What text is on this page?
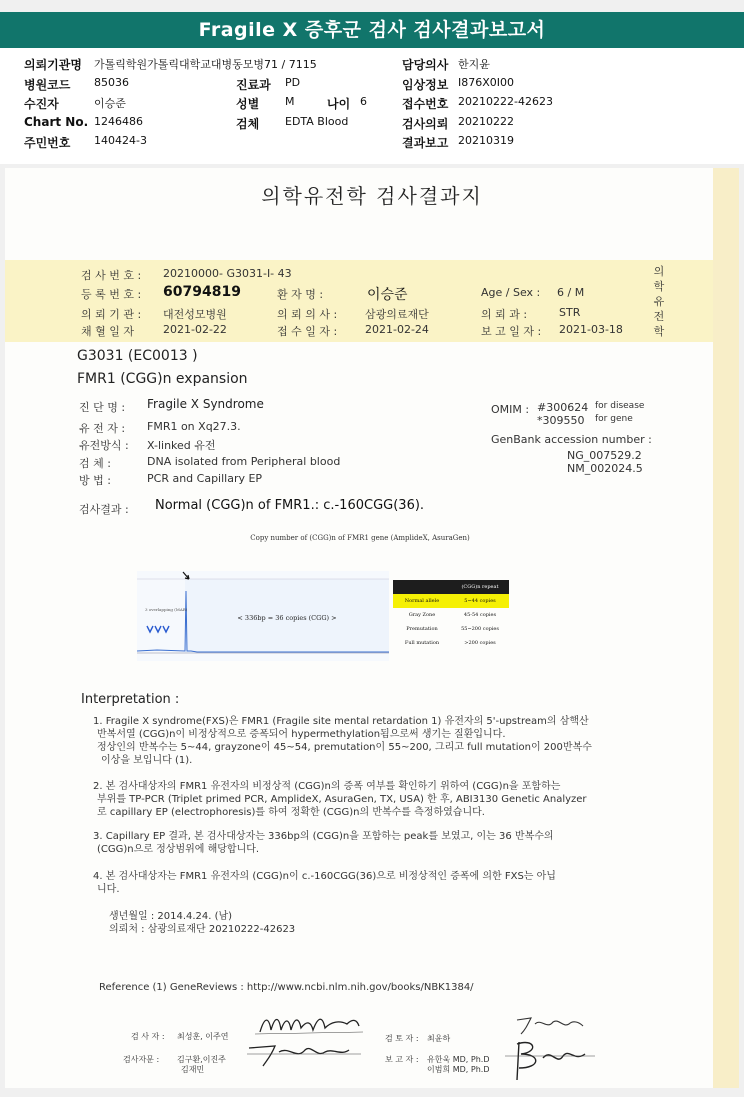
Fragile X 증후군 검사 검사결과보고서
의뢰기관명 가톨릭학원가톨릭대학교대병동모병71 / 7115	담당의사 한지윤
병원코드 85036	진료과 PD	임상정보 I876X0I00
수진자	이승준	성별 M	나이 6	접수번호 20210222-42623
Chart No. 1246486	검체 EDTA Blood	검사의뢰 20210222
주민번호 140424-3	결과보고 20210319
의학유전학 검사결과지
의
학
유
전
학
검 사 번 호 : 20210000- G3031-I- 43
등 록 번 호 : 60794819	환 자 명 :	이승준	Age / Sex : 6 / M
의 뢰 기 관 : 대전성모병원	의 뢰 의 사 :	삼광의료재단	의 뢰 과 :	STR
채 혈 일 자	2021-02-22	접 수 일 자 :	2021-02-24	보 고 일 자 : 2021-03-18
G3031 (EC0013 )
FMR1 (CGG)n expansion
진 단 명 : Fragile X Syndrome
유 전 자 : FMR1 on Xq27.3.
유전방식 : X-linked 유전
검 체 :	DNA isolated from Peripheral blood
방 법 :	PCR and Capillary EP
OMIM : #300624 for disease
*309550 for gene
GenBank accession number :
NG_007529.2
NM_002024.5
검사결과 : Normal (CGG)n of FMR1.: c.-160CGG(36).
Copy number of (CGG)n of FMR1 gene (AmplideX, AsuraGen)
3 overlapping (MAR)
< 336bp = 36 copies (CGG) >
(CGG)n repeat
Normal allele	5~44 copies
Gray Zone	45-54 copies
Premutation	55~200 copies
Full mutation	>200 copies
Interpretation :
1. Fragile X syndrome(FXS)은 FMR1 (Fragile site mental retardation 1) 유전자의 5'-upstream의 삼핵산
반복서열 (CGG)n이 비정상적으로 증폭되어 hypermethylation됨으로써 생기는 질환입니다.
정상인의 반복수는 5~44, grayzone이 45~54, premutation이 55~200, 그리고 full mutation이 200반복수
이상을 보입니다 (1).
2. 본 검사대상자의 FMR1 유전자의 비정상적 (CGG)n의 증폭 여부를 확인하기 위하여 (CGG)n을 포함하는
부위를 TP-PCR (Triplet primed PCR, AmplideX, AsuraGen, TX, USA) 한 후, ABI3130 Genetic Analyzer
로 capillary EP (electrophoresis)를 하여 정확한 (CGG)n의 반복수를 측정하였습니다.
3. Capillary EP 결과, 본 검사대상자는 336bp의 (CGG)n을 포함하는 peak를 보였고, 이는 36 반복수의
(CGG)n으로 정상범위에 해당합니다.
4. 본 검사대상자는 FMR1 유전자의 (CGG)n이 c.-160CGG(36)으로 비정상적인 증폭에 의한 FXS는 아닙
니다.
생년월일 : 2014.4.24. (남)
의뢰처 : 삼광의료재단 20210222-42623
Reference (1) GeneReviews : http://www.ncbi.nlm.nih.gov/books/NBK1384/
검 사 자 : 최성훈, 이주연	검 토 자 : 최윤하
검사자문 : 김구환,이진주
김재민
보 고 자 : 유한욱 MD, Ph.D
이범희 MD, Ph.D
